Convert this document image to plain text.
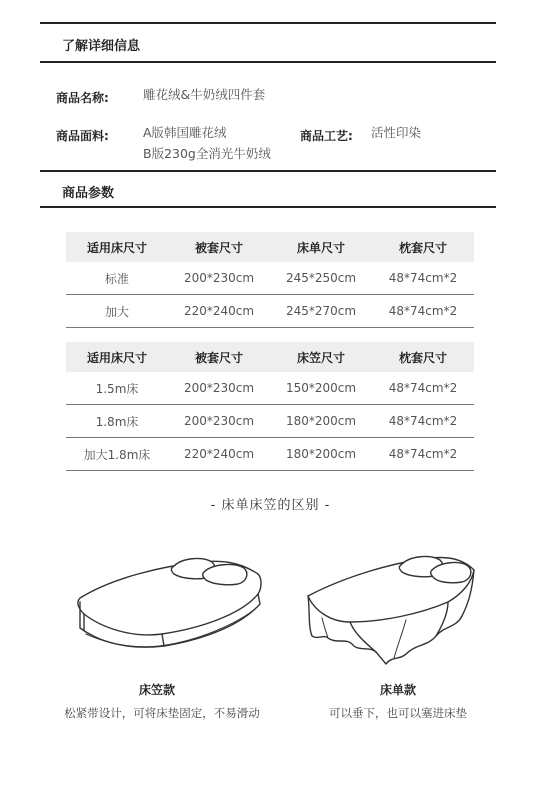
了解详细信息
商品名称:	雕花绒&牛奶绒四件套
商品面料:	A版韩国雕花绒
B版230g全消光牛奶绒
商品工艺: 活性印染
商品参数
适用床尺寸	被套尺寸	床单尺寸	枕套尺寸
标准	200*230cm	245*250cm	48*74cm*2
加大	220*240cm	245*270cm	48*74cm*2
适用床尺寸	被套尺寸	床笠尺寸	枕套尺寸
1.5m床	200*230cm	150*200cm	48*74cm*2
1.8m床	200*230cm	180*200cm	48*74cm*2
加大1.8m床	220*240cm	180*200cm	48*74cm*2
- 床单床笠的区别 -
床笠款
松紧带设计，可将床垫固定，不易滑动
床单款
可以垂下，也可以塞进床垫
